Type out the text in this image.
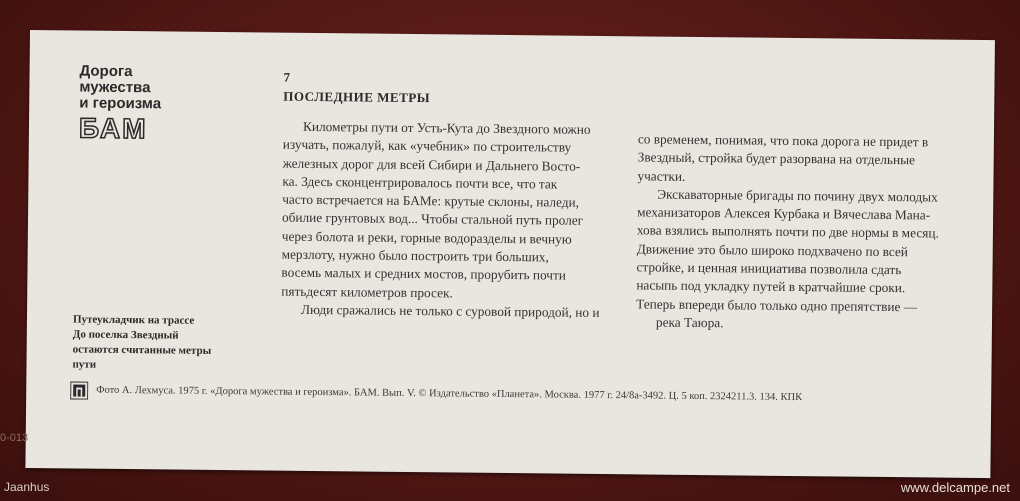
Дорога
мужества
и героизма
БАМ
Путеукладчик на трассе
До поселка Звездный
остаются считанные метры
пути
7
ПОСЛЕДНИЕ МЕТРЫ
Километры пути от Усть-Кута до Звездного можно
изучать, пожалуй, как «учебник» по строительству
железных дорог для всей Сибири и Дальнего Восто-
ка. Здесь сконцентрировалось почти все, что так
часто встречается на БАМе: крутые склоны, наледи,
обилие грунтовых вод... Чтобы стальной путь пролег
через болота и реки, горные водоразделы и вечную
мерзлоту, нужно было построить три больших,
восемь малых и средних мостов, прорубить почти
пятьдесят километров просек.
Люди сражались не только с суровой природой, но и
со временем, понимая, что пока дорога не придет в
Звездный, стройка будет разорвана на отдельные
участки.
Экскаваторные бригады по почину двух молодых
механизаторов Алексея Курбака и Вячеслава Мана-
хова взялись выполнять почти по две нормы в месяц.
Движение это было широко подхвачено по всей
стройке, и ценная инициатива позволила сдать
насыпь под укладку путей в кратчайшие сроки.
Теперь впереди было только одно препятствие —
река Таюра.
Фото А. Лехмуса. 1975 г. «Дорога мужества и героизма». БАМ. Вып. V. © Издательство «Планета». Москва. 1977 г. 24/8а-3492. Ц. 5 коп. 2324211.3. 134. КПК
0-013
Jaanhus	www.delcampe.net
